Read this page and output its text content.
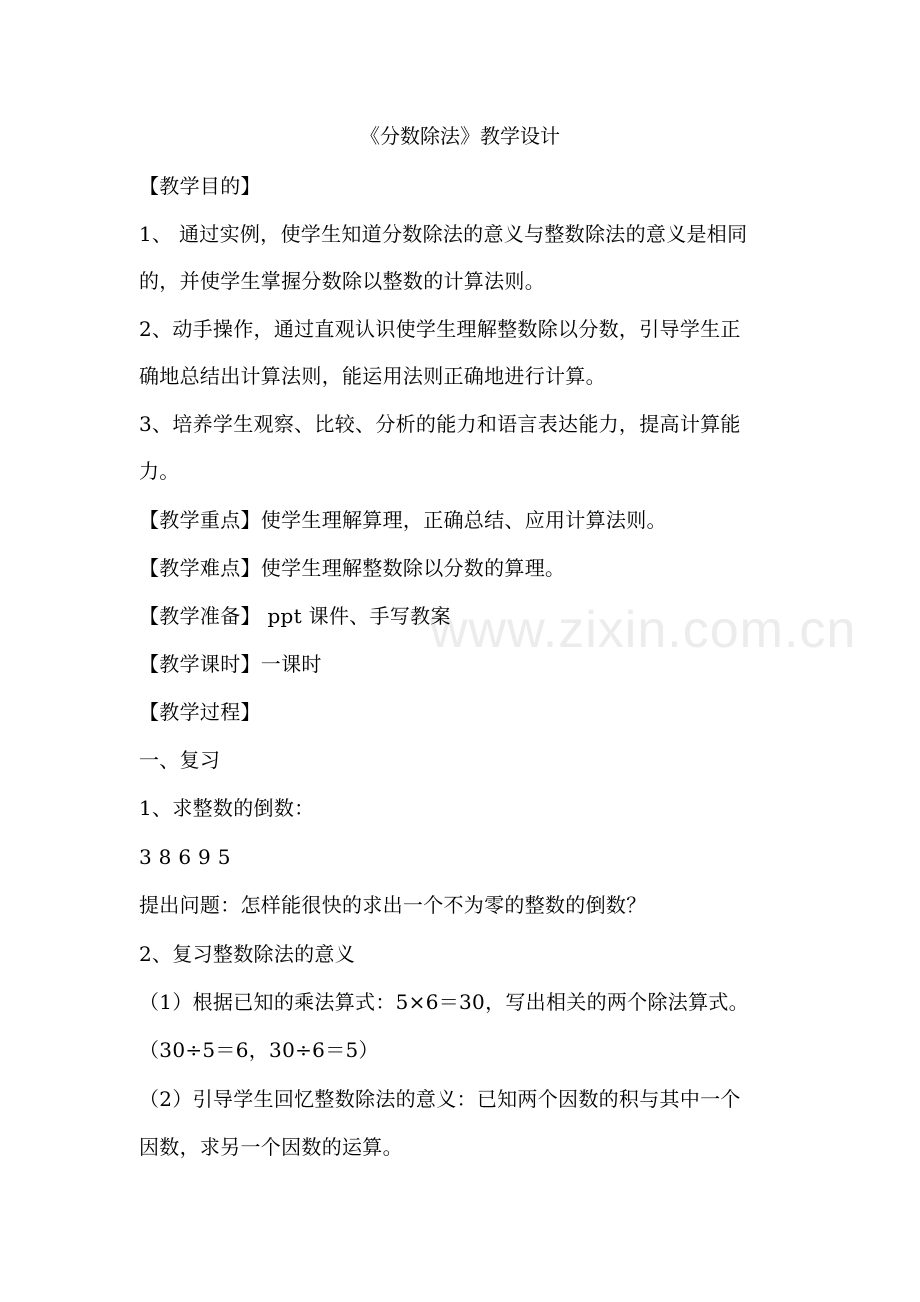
www.zixin.com.cn
《分数除法》教学设计
【教学目的】
1、 通过实例，使学生知道分数除法的意义与整数除法的意义是相同
的，并使学生掌握分数除以整数的计算法则。
2、动手操作，通过直观认识使学生理解整数除以分数，引导学生正
确地总结出计算法则，能运用法则正确地进行计算。
3、培养学生观察、比较、分析的能力和语言表达能力，提高计算能
力。
【教学重点】使学生理解算理，正确总结、应用计算法则。
【教学难点】使学生理解整数除以分数的算理。
【教学准备】 ppt 课件、手写教案
【教学课时】一课时
【教学过程】
一、复习
1、求整数的倒数：
3 8 6 9 5
提出问题：怎样能很快的求出一个不为零的整数的倒数？
2、复习整数除法的意义
（1）根据已知的乘法算式：5×6＝30，写出相关的两个除法算式。
（30÷5＝6，30÷6＝5）
（2）引导学生回忆整数除法的意义：已知两个因数的积与其中一个
因数，求另一个因数的运算。
